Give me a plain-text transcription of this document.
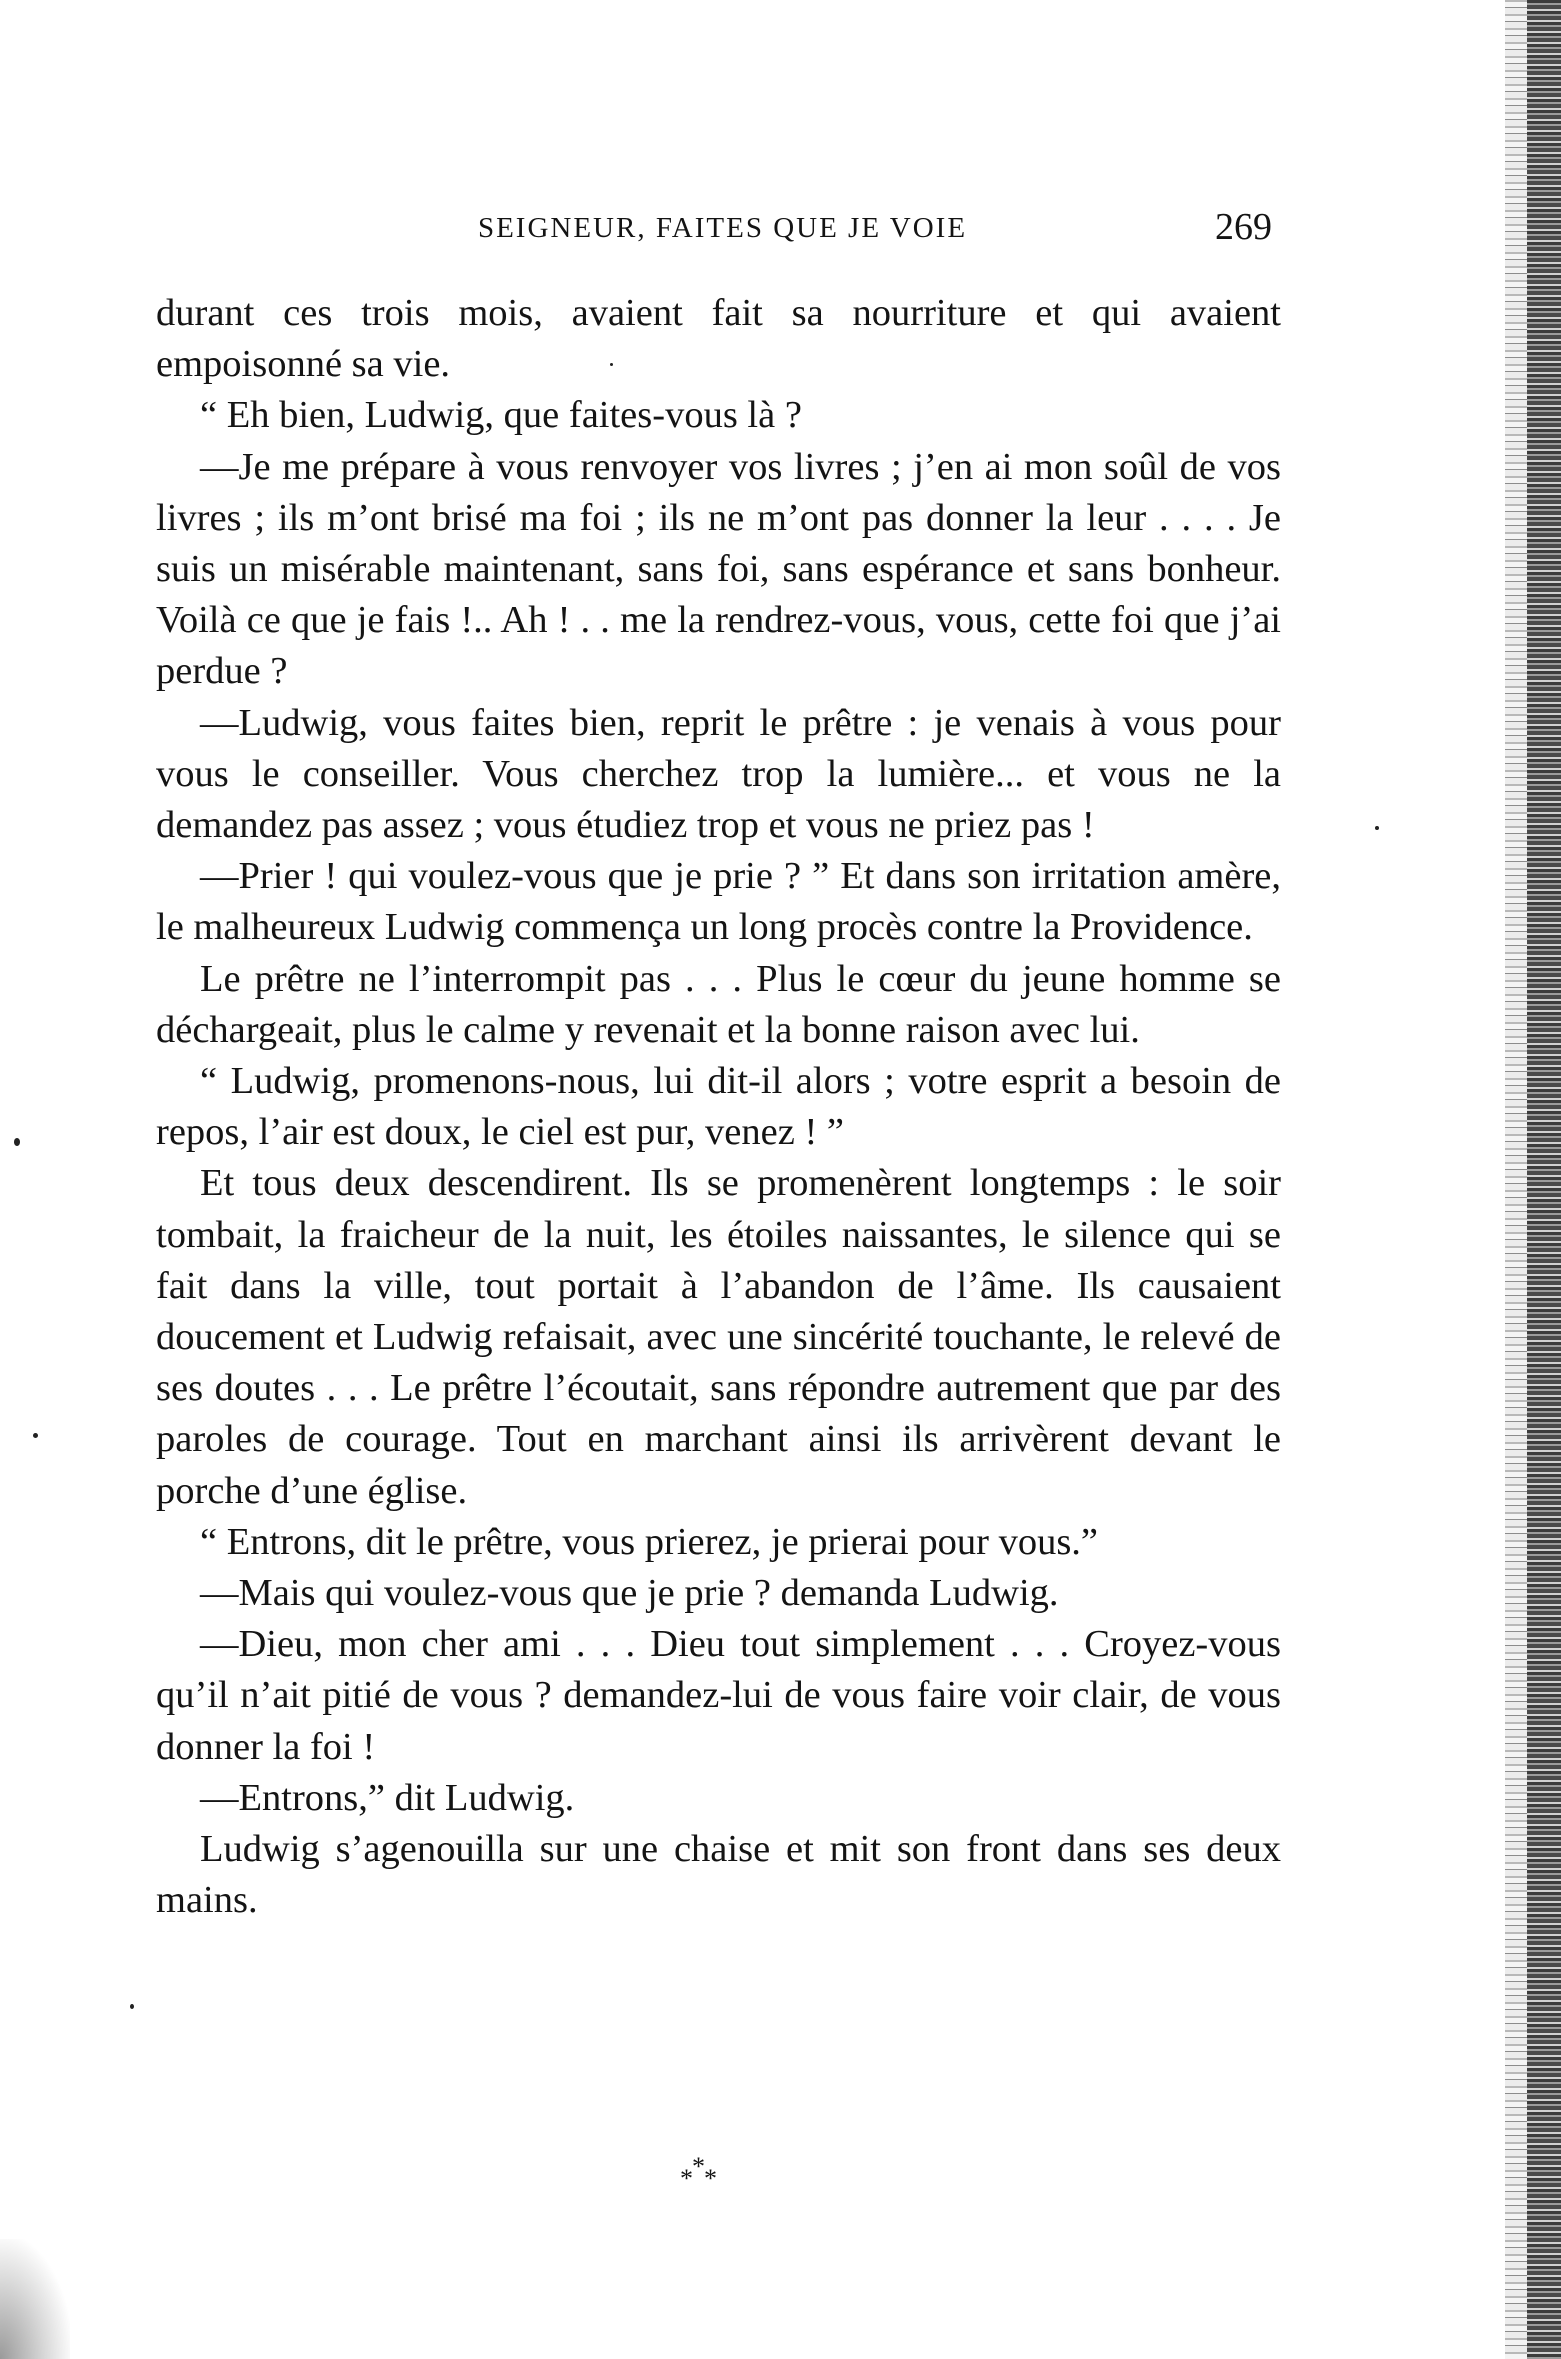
SEIGNEUR, FAITES QUE JE VOIE	269

durant ces trois mois, avaient fait sa nourriture et qui avaient empoisonné sa vie.

“ Eh bien, Ludwig, que faites-vous là ?

—Je me prépare à vous renvoyer vos livres ; j’en ai mon soûl de vos livres ; ils m’ont brisé ma foi ; ils ne m’ont pas donner la leur . . . . Je suis un misérable maintenant, sans foi, sans espérance et sans bonheur. Voilà ce que je fais !.. Ah ! . . me la rendrez-vous, vous, cette foi que j’ai perdue ?

—Ludwig, vous faites bien, reprit le prêtre : je venais à vous pour vous le conseiller. Vous cherchez trop la lumière... et vous ne la demandez pas assez ; vous étudiez trop et vous ne priez pas !

—Prier ! qui voulez-vous que je prie ? ” Et dans son irritation amère, le malheureux Ludwig commença un long procès contre la Providence.

Le prêtre ne l’interrompit pas . . . Plus le cœur du jeune homme se déchargeait, plus le calme y revenait et la bonne raison avec lui.

“ Ludwig, promenons-nous, lui dit-il alors ; votre esprit a besoin de repos, l’air est doux, le ciel est pur, venez ! ”

Et tous deux descendirent. Ils se promenèrent longtemps : le soir tombait, la fraicheur de la nuit, les étoiles naissantes, le silence qui se fait dans la ville, tout portait à l’abandon de l’âme. Ils causaient doucement et Ludwig refaisait, avec une sincérité touchante, le relevé de ses doutes . . . Le prêtre l’écoutait, sans répondre autrement que par des paroles de courage. Tout en marchant ainsi ils arrivèrent devant le porche d’une église.

“ Entrons, dit le prêtre, vous prierez, je prierai pour vous.”

—Mais qui voulez-vous que je prie ? demanda Ludwig.

—Dieu, mon cher ami . . . Dieu tout simplement . . . Croyez-vous qu’il n’ait pitié de vous ? demandez-lui de vous faire voir clair, de vous donner la foi !

—Entrons,” dit Ludwig.

Ludwig s’agenouilla sur une chaise et mit son front dans ses deux mains.

*
* *
